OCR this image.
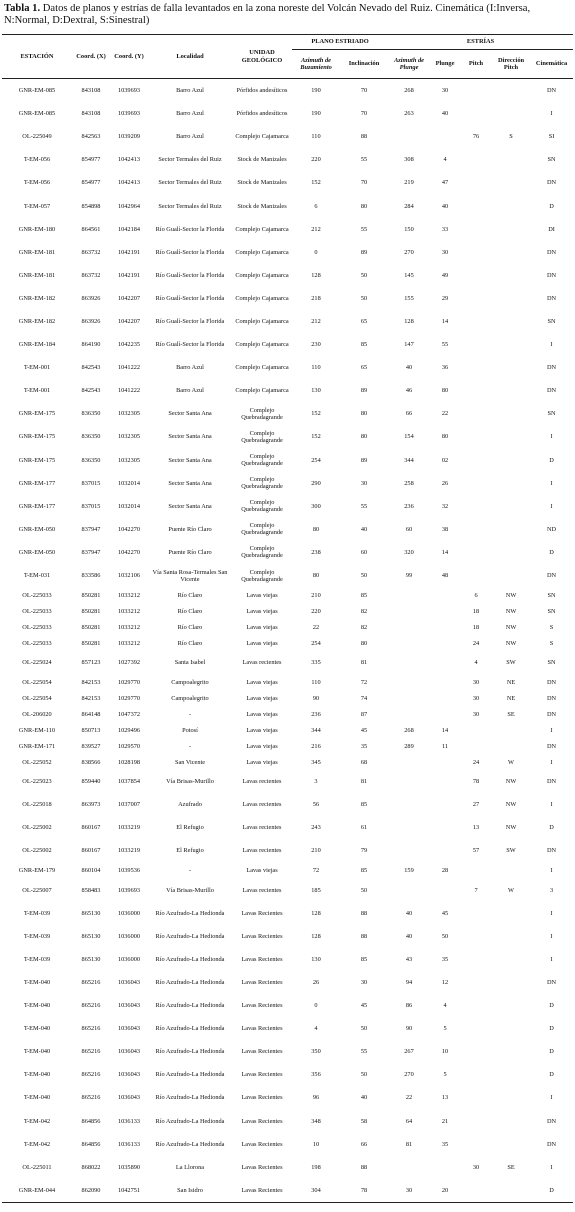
Tabla 1. Datos de planos y estrías de falla levantados en la zona noreste del Volcán Nevado del Ruiz. Cinemática (I:Inversa, N:Normal, D:Dextral, S:Sinestral)
ESTACIÓN	Coord. (X)	Coord. (Y)	Localidad	UNIDAD GEOLÓGICO	PLANO ESTRIADO		ESTRÍAS				
					Azimuth de Buzamiento	Inclinación	Azimuth de Plunge	Plunge	Pitch	Dirección Pitch	Cinemática
GNR-EM-085	843108	1039693	Barro Azul	Pórfidos andesíticos	190	70	268	30			DN
GNR-EM-085	843108	1039693	Barro Azul	Pórfidos andesíticos	190	70	263	40			I
OL-225049	842563	1039209	Barro Azul	Complejo Cajamarca	110	88			76	S	SI
T-EM-056	854977	1042413	Sector Termales del Ruiz	Stock de Manizales	220	55	308	4			SN
T-EM-056	854977	1042413	Sector Termales del Ruiz	Stock de Manizales	152	70	219	47			DN
T-EM-057	854898	1042964	Sector Termales del Ruiz	Stock de Manizales	6	80	284	40			D
GNR-EM-180	864561	1042184	Río Gualí-Sector la Florida	Complejo Cajamarca	212	55	150	33			DI
GNR-EM-181	863732	1042191	Río Gualí-Sector la Florida	Complejo Cajamarca	0	89	270	30			DN
GNR-EM-181	863732	1042191	Río Gualí-Sector la Florida	Complejo Cajamarca	128	50	145	49			DN
GNR-EM-182	863926	1042207	Río Gualí-Sector la Florida	Complejo Cajamarca	218	50	155	29			DN
GNR-EM-182	863926	1042207	Río Gualí-Sector la Florida	Complejo Cajamarca	212	65	128	14			SN
GNR-EM-184	864190	1042235	Río Gualí-Sector la Florida	Complejo Cajamarca	230	85	147	55			I
T-EM-001	842543	1041222	Barro Azul	Complejo Cajamarca	110	65	40	36			DN
T-EM-001	842543	1041222	Barro Azul	Complejo Cajamarca	130	89	46	80			DN
GNR-EM-175	836350	1032305	Sector Santa Ana	Complejo Quebradagrande	152	80	66	22			SN
GNR-EM-175	836350	1032305	Sector Santa Ana	Complejo Quebradagrande	152	80	154	80			I
GNR-EM-175	836350	1032305	Sector Santa Ana	Complejo Quebradagrande	254	89	344	02			D
GNR-EM-177	837015	1032014	Sector Santa Ana	Complejo Quebradagrande	290	30	258	26			I
GNR-EM-177	837015	1032014	Sector Santa Ana	Complejo Quebradagrande	300	55	236	32			I
GNR-EM-050	837947	1042270	Puente Río Claro	Complejo Quebradagrande	80	40	60	38			ND
GNR-EM-050	837947	1042270	Puente Río Claro	Complejo Quebradagrande	238	60	320	14			D
T-EM-031	833586	1032106	Vía Santa Rosa-Termales San Vicente	Complejo Quebradagrande	80	50	99	48			DN
OL-225033	850281	1033212	Río Claro	Lavas viejas	210	85			6	NW	SN
OL-225033	850281	1033212	Río Claro	Lavas viejas	220	82			18	NW	SN
OL-225033	850281	1033212	Río Claro	Lavas viejas	22	82			18	NW	S
OL-225033	850281	1033212	Río Claro	Lavas viejas	254	80			24	NW	S
OL-225024	857123	1027392	Santa Isabel	Lavas recientes	335	81			4	SW	SN
OL-225054	842153	1029770	Campoalegrito	Lavas viejas	110	72			30	NE	DN
OL-225054	842153	1029770	Campoalegrito	Lavas viejas	90	74			30	NE	DN
OL-206020	864148	1047372	-	Lavas viejas	236	87			30	SE	DN
GNR-EM-110	850713	1029496	Potosí	Lavas viejas	344	45	268	14			I
GNR-EM-171	839527	1029570	-	Lavas viejas	216	35	289	11			DN
OL-225052	838566	1028198	San Vicente	Lavas viejas	345	68			24	W	I
OL-225023	859440	1037854	Vía Brisas-Murillo	Lavas recientes	3	81			78	NW	DN
OL-225018	863973	1037007	Azufrado	Lavas recientes	56	85			27	NW	I
OL-225002	860167	1033219	El Refugio	Lavas recientes	243	61			13	NW	D
OL-225002	860167	1033219	El Refugio	Lavas recientes	210	79			57	SW	DN
GNR-EM-179	860104	1039536	-	Lavas viejas	72	85	159	28			I
OL-225007	858483	1039693	Vía Brisas-Murillo	Lavas recientes	185	50			7	W	3
T-EM-039	865130	1036000	Río Azufrado-La Hedionda	Lavas Recientes	128	88	40	45			I
T-EM-039	865130	1036000	Río Azufrado-La Hedionda	Lavas Recientes	128	88	40	50			I
T-EM-039	865130	1036000	Río Azufrado-La Hedionda	Lavas Recientes	130	85	43	35			I
T-EM-040	865216	1036043	Río Azufrado-La Hedionda	Lavas Recientes	26	30	94	12			DN
T-EM-040	865216	1036043	Río Azufrado-La Hedionda	Lavas Recientes	0	45	86	4			D
T-EM-040	865216	1036043	Río Azufrado-La Hedionda	Lavas Recientes	4	50	90	5			D
T-EM-040	865216	1036043	Río Azufrado-La Hedionda	Lavas Recientes	350	55	267	10			D
T-EM-040	865216	1036043	Río Azufrado-La Hedionda	Lavas Recientes	356	50	270	5			D
T-EM-040	865216	1036043	Río Azufrado-La Hedionda	Lavas Recientes	96	40	22	13			I
T-EM-042	864856	1036133	Río Azufrado-La Hedionda	Lavas Recientes	348	58	64	21			DN
T-EM-042	864856	1036133	Río Azufrado-La Hedionda	Lavas Recientes	10	66	81	35			DN
OL-225011	868022	1035890	La Llorona	Lavas Recientes	198	88			30	SE	I
GNR-EM-044	862090	1042751	San Isidro	Lavas Recientes	304	78	30	20			D
